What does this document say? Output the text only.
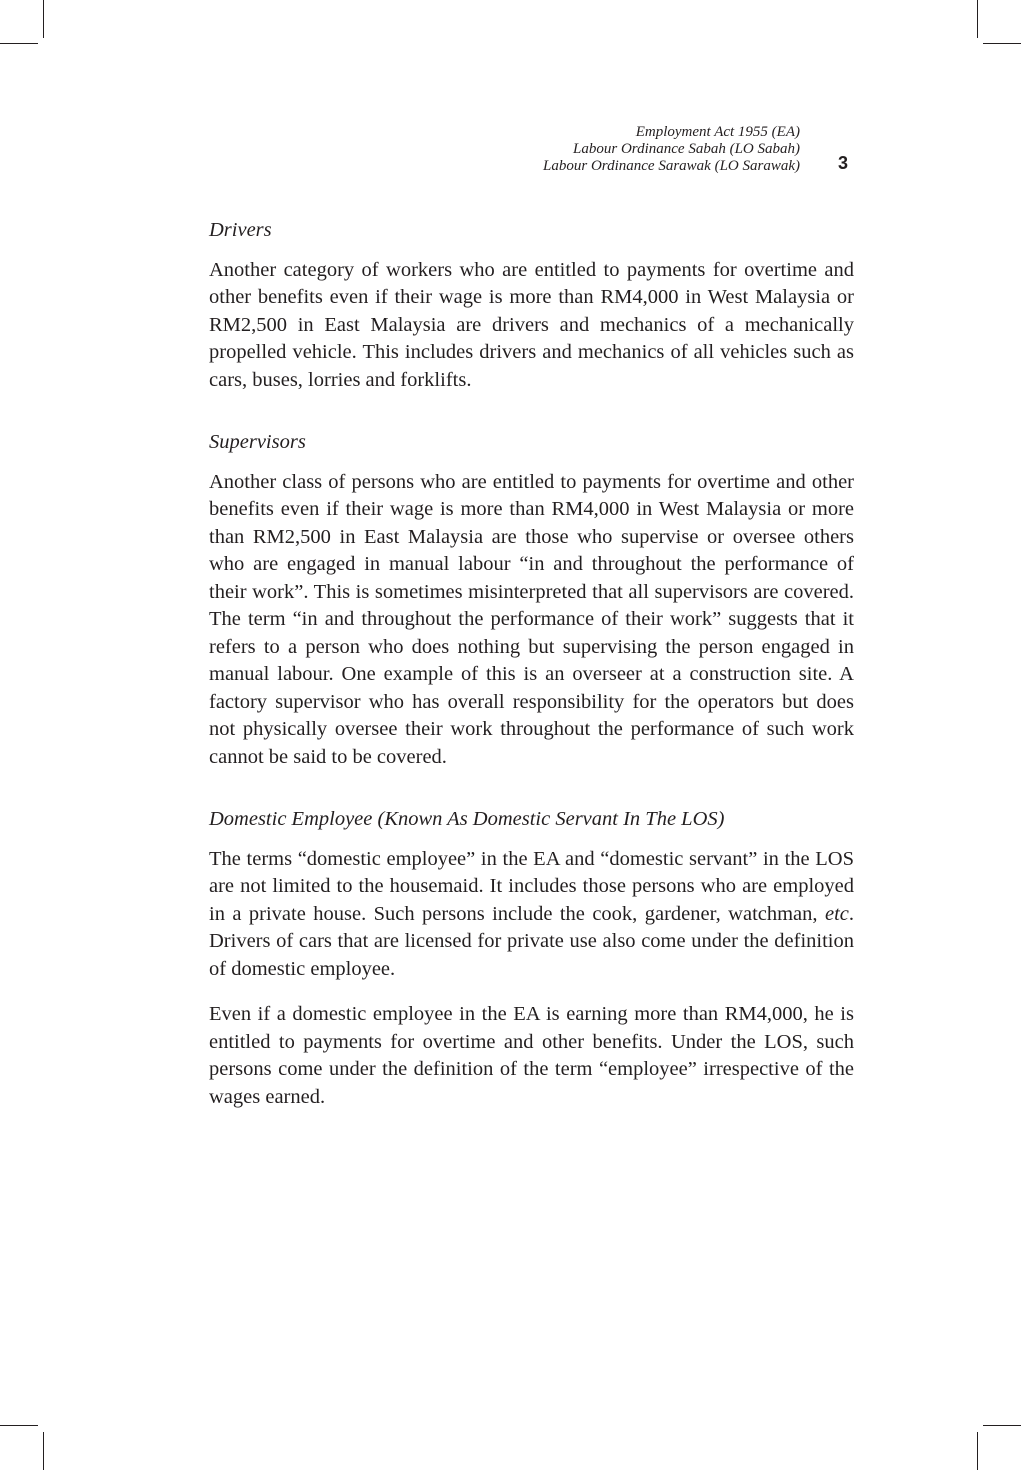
Employment Act 1955 (EA)
Labour Ordinance Sabah (LO Sabah)
Labour Ordinance Sarawak (LO Sarawak) 3
Drivers

Another category of workers who are entitled to payments for overtime and other benefits even if their wage is more than RM4,000 in West Malaysia or RM2,500 in East Malaysia are drivers and mechanics of a mechanically propelled vehicle. This includes drivers and mechanics of all vehicles such as cars, buses, lorries and forklifts.

Supervisors

Another class of persons who are entitled to payments for overtime and other benefits even if their wage is more than RM4,000 in West Malaysia or more than RM2,500 in East Malaysia are those who supervise or oversee others who are engaged in manual labour “in and throughout the performance of their work”. This is sometimes misinterpreted that all supervisors are covered. The term “in and throughout the performance of their work” suggests that it refers to a person who does nothing but supervising the person engaged in manual labour. One example of this is an overseer at a construction site. A factory supervisor who has overall responsibility for the operators but does not physically oversee their work throughout the performance of such work cannot be said to be covered.

Domestic Employee (Known As Domestic Servant In The LOS)

The terms “domestic employee” in the EA and “domestic servant” in the LOS are not limited to the housemaid. It includes those persons who are employed in a private house. Such persons include the cook, gardener, watchman, etc. Drivers of cars that are licensed for private use also come under the definition of domestic employee.

Even if a domestic employee in the EA is earning more than RM4,000, he is entitled to payments for overtime and other benefits. Under the LOS, such persons come under the definition of the term “employee” irrespective of the wages earned.
